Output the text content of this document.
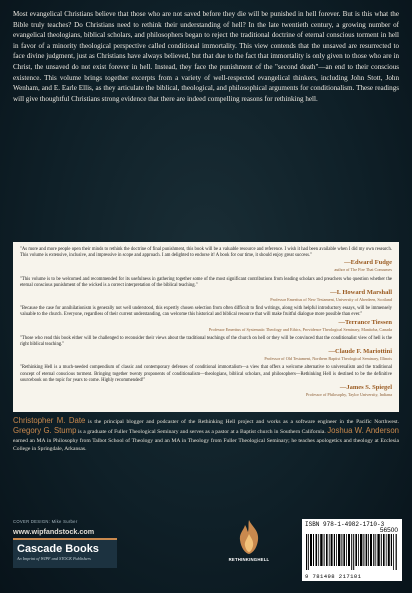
Most evangelical Christians believe that those who are not saved before they die will be punished in hell forever. But is this what the Bible truly teaches? Do Christians need to rethink their understanding of hell? In the late twentieth century, a growing number of evangelical theologians, biblical scholars, and philosophers began to reject the traditional doctrine of eternal conscious torment in hell in favor of a minority theological perspective called conditional immortality. This view contends that the unsaved are resurrected to face divine judgment, just as Christians have always believed, but that due to the fact that immortality is only given to those who are in Christ, the unsaved do not exist forever in hell. Instead, they face the punishment of the "second death"—an end to their conscious existence. This volume brings together excerpts from a variety of well-respected evangelical thinkers, including John Stott, John Wenham, and E. Earle Ellis, as they articulate the biblical, theological, and philosophical arguments for conditionalism. These readings will give thoughtful Christians strong evidence that there are indeed compelling reasons for rethinking hell.

"As more and more people open their minds to rethink the doctrine of final punishment, this book will be a valuable resource and reference. I wish it had been available when I did my own research. This volume is extensive, inclusive, and impressive in scope and approach. I am delighted to endorse it! A book for our time, it should enjoy great success."

—Edward Fudge

author of The Fire That Consumes

"This volume is to be welcomed and recommended for its usefulness in gathering together some of the most significant contributions from leading scholars and preachers who question whether the eternal conscious punishment of the wicked is a correct interpretation of the biblical teaching."

—I. Howard Marshall

Professor Emeritus of New Testament, University of Aberdeen, Scotland

"Because the case for annihilationism is generally not well understood, this expertly chosen selection from often difficult to find writings, along with helpful introductory essays, will be immensely valuable to the church. Everyone, regardless of their current understanding, can welcome this historical and biblical resource that will make fruitful dialogue more possible than ever."

—Terrance Tiessen

Professor Emeritus of Systematic Theology and Ethics, Providence Theological Seminary, Manitoba, Canada

"Those who read this book either will be challenged to reconsider their views about the traditional teachings of the church on hell or they will be convinced that the conditionalist view of hell is the right biblical teaching."

—Claude F. Mariottini

Professor of Old Testament, Northern Baptist Theological Seminary, Illinois

"Rethinking Hell is a much-needed compendium of classic and contemporary defenses of conditional immortalism—a view that offers a welcome alternative to universalism and the traditional concept of eternal conscious torment. Bringing together twenty proponents of conditionalism—theologians, biblical scholars, and philosophers—Rethinking Hell is destined to be the definitive sourcebook on the topic for years to come. Highly recommended!"

—James S. Spiegel

Professor of Philosophy, Taylor University, Indiana

Christopher M. Date is the principal blogger and podcaster of the Rethinking Hell project and works as a software engineer in the Pacific Northwest. Gregory G. Stump is a graduate of Fuller Theological Seminary and serves as a pastor at a Baptist church in Southern California. Joshua W. Anderson earned an MA in Philosophy from Talbot School of Theology and an MA in Theology from Fuller Theological Seminary; he teaches apologetics and theology at Ecclesia College in Springdale, Arkansas.

COVER DESIGN: Mike Surber
www.wipfandstock.com
Cascade Books
An Imprint of WIPF and STOCK Publishers	RETHINKINGHELL
ISBN 978-1-4982-1710-3
56500
9 781498 217101
